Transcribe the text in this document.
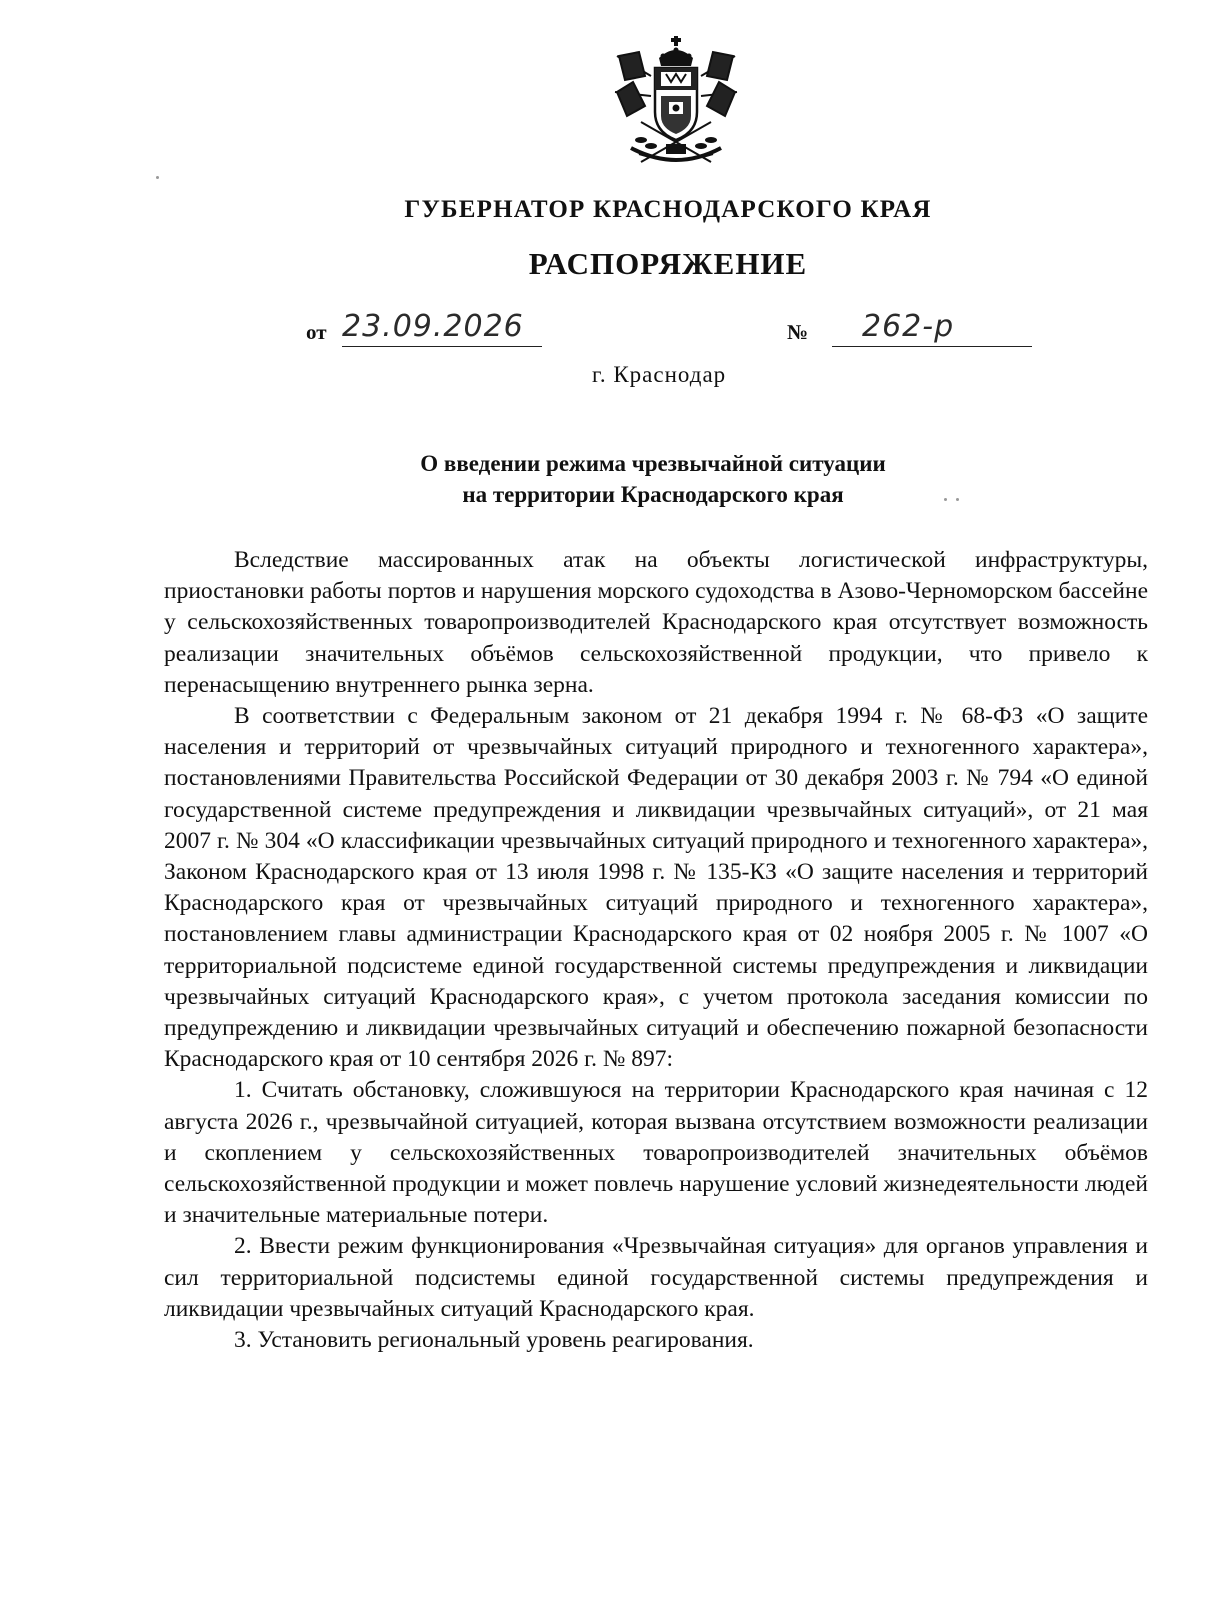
ГУБЕРНАТОР КРАСНОДАРСКОГО КРАЯ
РАСПОРЯЖЕНИЕ
от 23.09.2026	№	262-р
г. Краснодар
О введении режима чрезвычайной ситуации
на территории Краснодарского края

Вследствие массированных атак на объекты логистической инфраструктуры, приостановки работы портов и нарушения морского судоходства в Азово-Черноморском бассейне у сельскохозяйственных товаропроизводителей Краснодарского края отсутствует возможность реализации значительных объёмов сельскохозяйственной продукции, что привело к перенасыщению внутреннего рынка зерна.

В соответствии с Федеральным законом от 21 декабря 1994 г. № 68-ФЗ «О защите населения и территорий от чрезвычайных ситуаций природного и техногенного характера», постановлениями Правительства Российской Федерации от 30 декабря 2003 г. № 794 «О единой государственной системе предупреждения и ликвидации чрезвычайных ситуаций», от 21 мая 2007 г. № 304 «О классификации чрезвычайных ситуаций природного и техногенного характера», Законом Краснодарского края от 13 июля 1998 г. № 135-КЗ «О защите населения и территорий Краснодарского края от чрезвычайных ситуаций природного и техногенного характера», постановлением главы администрации Краснодарского края от 02 ноября 2005 г. № 1007 «О территориальной подсистеме единой государственной системы предупреждения и ликвидации чрезвычайных ситуаций Краснодарского края», с учетом протокола заседания комиссии по предупреждению и ликвидации чрезвычайных ситуаций и обеспечению пожарной безопасности Краснодарского края от 10 сентября 2026 г. № 897:

1. Считать обстановку, сложившуюся на территории Краснодарского края начиная с 12 августа 2026 г., чрезвычайной ситуацией, которая вызвана отсутствием возможности реализации и скоплением у сельскохозяйственных товаропроизводителей значительных объёмов сельскохозяйственной продукции и может повлечь нарушение условий жизнедеятельности людей и значительные материальные потери.

2. Ввести режим функционирования «Чрезвычайная ситуация» для органов управления и сил территориальной подсистемы единой государственной системы предупреждения и ликвидации чрезвычайных ситуаций Краснодарского края.

3. Установить региональный уровень реагирования.
